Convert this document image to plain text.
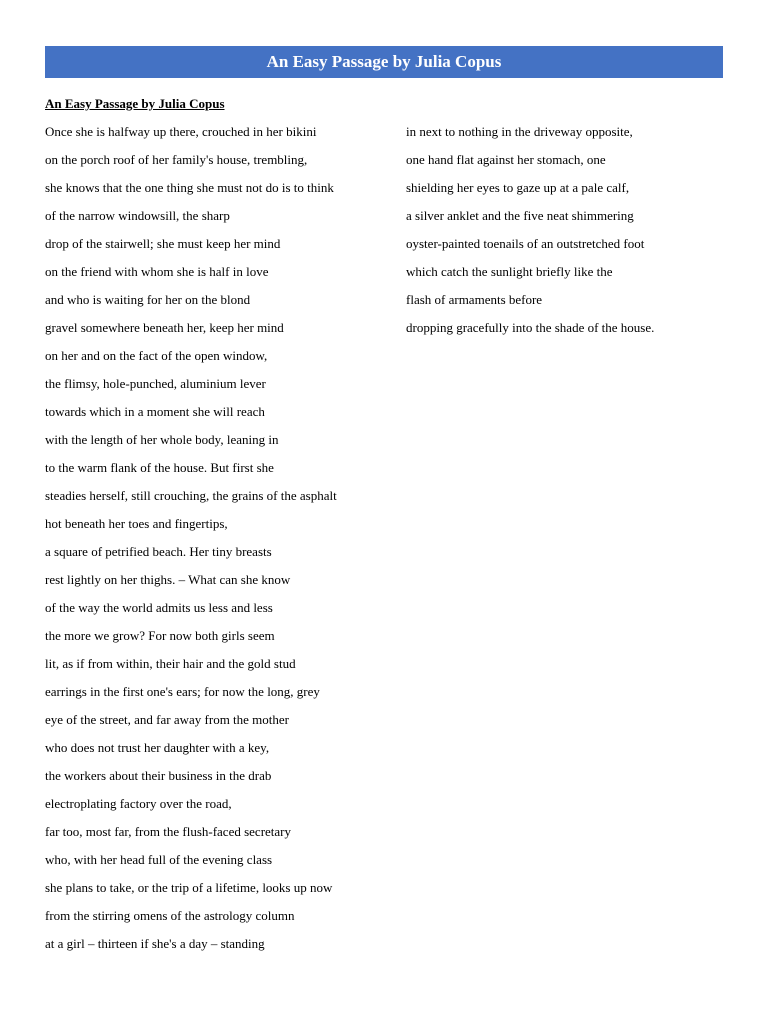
An Easy Passage by Julia Copus
An Easy Passage by Julia Copus
Once she is halfway up there, crouched in her bikini
on the porch roof of her family's house, trembling,
she knows that the one thing she must not do is to think
of the narrow windowsill, the sharp
drop of the stairwell; she must keep her mind
on the friend with whom she is half in love
and who is waiting for her on the blond
gravel somewhere beneath her, keep her mind
on her and on the fact of the open window,
the flimsy, hole-punched, aluminium lever
towards which in a moment she will reach
with the length of her whole body, leaning in
to the warm flank of the house. But first she
steadies herself, still crouching, the grains of the asphalt
hot beneath her toes and fingertips,
a square of petrified beach. Her tiny breasts
rest lightly on her thighs. – What can she know
of the way the world admits us less and less
the more we grow? For now both girls seem
lit, as if from within, their hair and the gold stud
earrings in the first one's ears; for now the long, grey
eye of the street, and far away from the mother
who does not trust her daughter with a key,
the workers about their business in the drab
electroplating factory over the road,
far too, most far, from the flush-faced secretary
who, with her head full of the evening class
she plans to take, or the trip of a lifetime, looks up now
from the stirring omens of the astrology column
at a girl – thirteen if she's a day – standing
in next to nothing in the driveway opposite,
one hand flat against her stomach, one
shielding her eyes to gaze up at a pale calf,
a silver anklet and the five neat shimmering
oyster-painted toenails of an outstretched foot
which catch the sunlight briefly like the
flash of armaments before
dropping gracefully into the shade of the house.
